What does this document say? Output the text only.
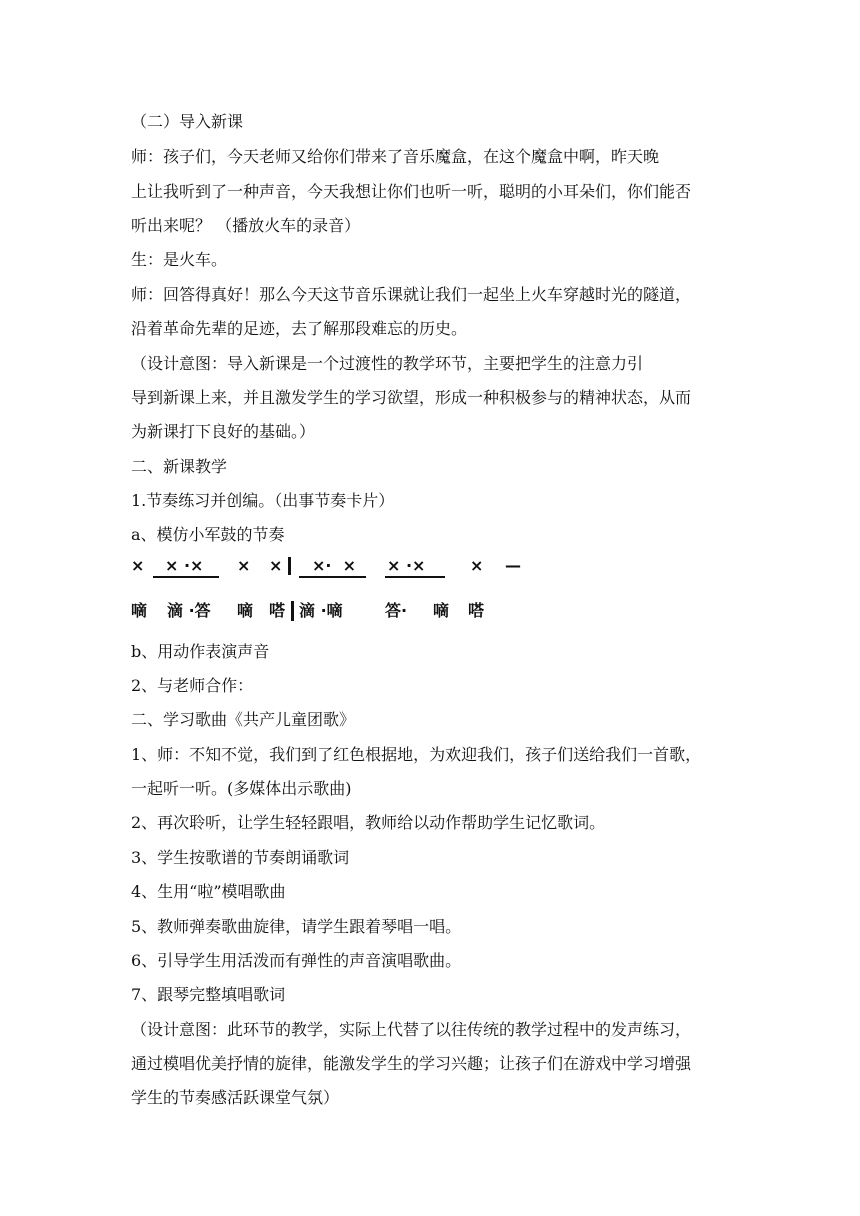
（二）导入新课
师：孩子们，今天老师又给你们带来了音乐魔盒，在这个魔盒中啊，昨天晚
上让我听到了一种声音，今天我想让你们也听一听，聪明的小耳朵们，你们能否
听出来呢？ （播放火车的录音）
生：是火车。
师：回答得真好！那么今天这节音乐课就让我们一起坐上火车穿越时光的隧道，
沿着革命先辈的足迹，去了解那段难忘的历史。
（设计意图：导入新课是一个过渡性的教学环节，主要把学生的注意力引
导到新课上来，并且激发学生的学习欲望，形成一种积极参与的精神状态，从而
为新课打下良好的基础。）
二、新课教学
1.节奏练习并创编。（出事节奏卡片）
a、模仿小军鼓的节奏

×

× ·×

×

×

×·  ×

× ·×

	×

—

嘀

滴 ·答

嘀

嗒

滴 ·嘀

	答·

嘀

嗒

b、用动作表演声音
2、与老师合作：
二、学习歌曲《共产儿童团歌》
1、师：不知不觉，我们到了红色根据地，为欢迎我们，孩子们送给我们一首歌，
一起听一听。(多媒体出示歌曲)
2、再次聆听，让学生轻轻跟唱，教师给以动作帮助学生记忆歌词。
3、学生按歌谱的节奏朗诵歌词
4、生用“啦”模唱歌曲
5、教师弹奏歌曲旋律，请学生跟着琴唱一唱。
6、引导学生用活泼而有弹性的声音演唱歌曲。
7、跟琴完整填唱歌词
（设计意图：此环节的教学，实际上代替了以往传统的教学过程中的发声练习，
通过模唱优美抒情的旋律，能激发学生的学习兴趣；让孩子们在游戏中学习增强
学生的节奏感活跃课堂气氛）
